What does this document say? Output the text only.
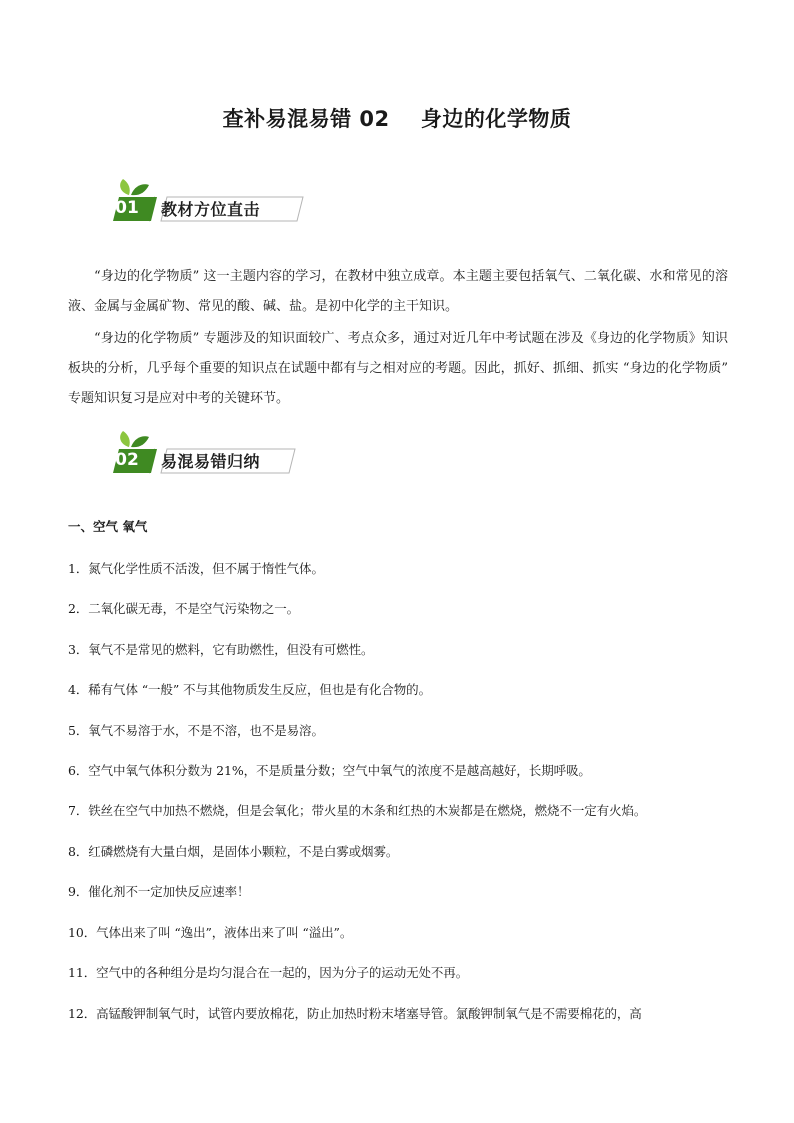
查补易混易错 02    身边的化学物质
01	教材方位直击
“身边的化学物质” 这一主题内容的学习，在教材中独立成章。本主题主要包括氧气、二氧化碳、水和常见的溶液、金属与金属矿物、常见的酸、碱、盐。是初中化学的主干知识。
“身边的化学物质” 专题涉及的知识面较广、考点众多，通过对近几年中考试题在涉及《身边的化学物质》知识板块的分析，几乎每个重要的知识点在试题中都有与之相对应的考题。因此，抓好、抓细、抓实 “身边的化学物质” 专题知识复习是应对中考的关键环节。
02	易混易错归纳
一、空气 氧气
1．氮气化学性质不活泼，但不属于惰性气体。
2．二氧化碳无毒，不是空气污染物之一。
3．氧气不是常见的燃料，它有助燃性，但没有可燃性。
4．稀有气体 “一般” 不与其他物质发生反应，但也是有化合物的。
5．氧气不易溶于水，不是不溶，也不是易溶。
6．空气中氧气体积分数为 21%，不是质量分数；空气中氧气的浓度不是越高越好，长期呼吸。
7．铁丝在空气中加热不燃烧，但是会氧化；带火星的木条和红热的木炭都是在燃烧，燃烧不一定有火焰。
8．红磷燃烧有大量白烟，是固体小颗粒，不是白雾或烟雾。
9．催化剂不一定加快反应速率！
10．气体出来了叫 “逸出”，液体出来了叫 “溢出”。
11．空气中的各种组分是均匀混合在一起的，因为分子的运动无处不再。
12．高锰酸钾制氧气时，试管内要放棉花，防止加热时粉末堵塞导管。氯酸钾制氧气是不需要棉花的，高
